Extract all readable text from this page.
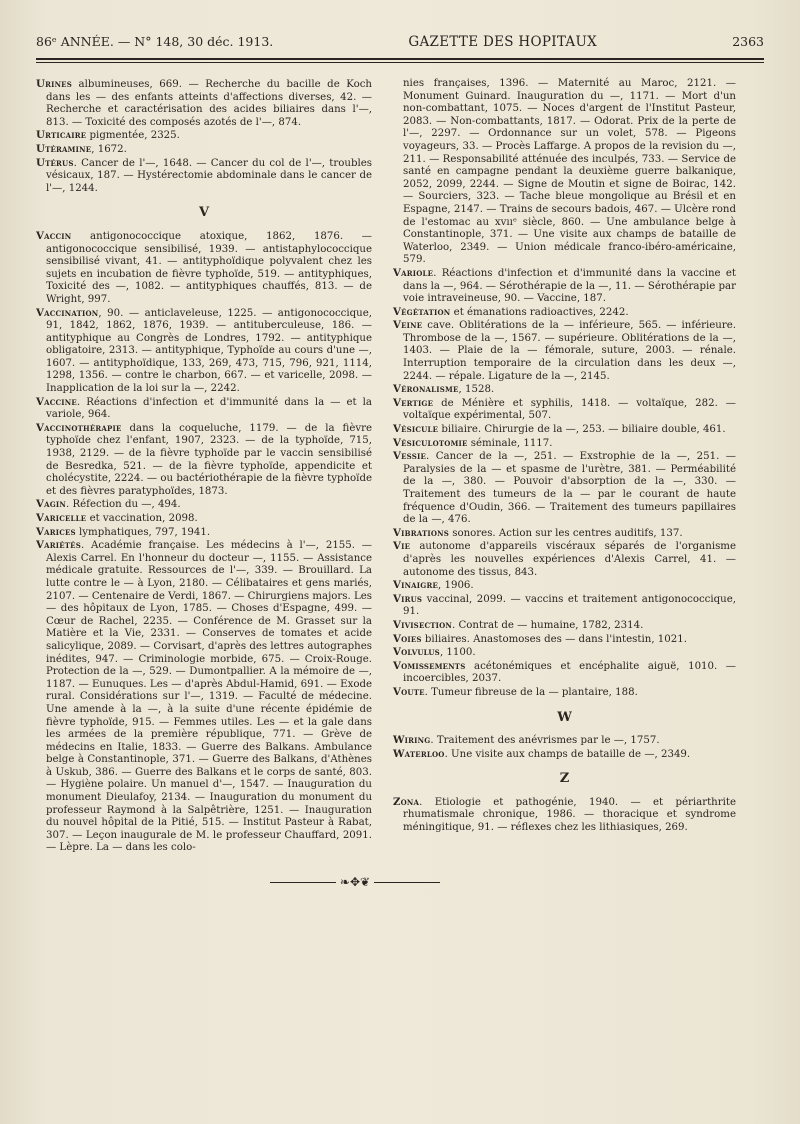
86ᵉ ANNÉE. — N° 148, 30 déc. 1913.	GAZETTE DES HOPITAUX	2363

Urines albumineuses, 669. — Recherche du bacille de Koch dans les — des enfants atteints d'affections diverses, 42. — Recherche et caractérisation des acides biliaires dans l'—, 813. — Toxicité des composés azotés de l'—, 874.

Urticaire pigmentée, 2325.

Utéramine, 1672.

Utérus. Cancer de l'—, 1648. — Cancer du col de l'—, troubles vésicaux, 187. — Hystérectomie abdominale dans le cancer de l'—, 1244.

V

Vaccin antigonococcique atoxique, 1862, 1876. — antigonococcique sensibilisé, 1939. — antistaphylococcique sensibilisé vivant, 41. — antityphoïdique polyvalent chez les sujets en incubation de fièvre typhoïde, 519. — antityphiques, Toxicité des —, 1082. — antityphiques chauffés, 813. — de Wright, 997.

Vaccination, 90. — anticlaveleuse, 1225. — antigonococcique, 91, 1842, 1862, 1876, 1939. — antituberculeuse, 186. — antityphique au Congrès de Londres, 1792. — antityphique obligatoire, 2313. — antityphique, Typhoïde au cours d'une —, 1607. — antityphoïdique, 133, 269, 473, 715, 796, 921, 1114, 1298, 1356. — contre le charbon, 667. — et varicelle, 2098. — Inapplication de la loi sur la —, 2242.

Vaccine. Réactions d'infection et d'immunité dans la — et la variole, 964.

Vaccinothérapie dans la coqueluche, 1179. — de la fièvre typhoïde chez l'enfant, 1907, 2323. — de la typhoïde, 715, 1938, 2129. — de la fièvre typhoïde par le vaccin sensibilisé de Besredka, 521. — de la fièvre typhoïde, appendicite et cholécystite, 2224. — ou bactériothérapie de la fièvre typhoïde et des fièvres paratyphoïdes, 1873.

Vagin. Réfection du —, 494.

Varicelle et vaccination, 2098.

Varices lymphatiques, 797, 1941.

Variétés. Académie française. Les médecins à l'—, 2155. — Alexis Carrel. En l'honneur du docteur —, 1155. — Assistance médicale gratuite. Ressources de l'—, 339. — Brouillard. La lutte contre le — à Lyon, 2180. — Célibataires et gens mariés, 2107. — Centenaire de Verdi, 1867. — Chirurgiens majors. Les — des hôpitaux de Lyon, 1785. — Choses d'Espagne, 499. — Cœur de Rachel, 2235. — Conférence de M. Grasset sur la Matière et la Vie, 2331. — Conserves de tomates et acide salicylique, 2089. — Corvisart, d'après des lettres autographes inédites, 947. — Criminologie morbide, 675. — Croix-Rouge. Protection de la —, 529. — Dumontpallier. A la mémoire de —, 1187. — Eunuques. Les — d'après Abdul-Hamid, 691. — Exode rural. Considérations sur l'—, 1319. — Faculté de médecine. Une amende à la —, à la suite d'une récente épidémie de fièvre typhoïde, 915. — Femmes utiles. Les — et la gale dans les armées de la première république, 771. — Grève de médecins en Italie, 1833. — Guerre des Balkans. Ambulance belge à Constantinople, 371. — Guerre des Balkans, d'Athènes à Uskub, 386. — Guerre des Balkans et le corps de santé, 803. — Hygiène polaire. Un manuel d'—, 1547. — Inauguration du monument Dieulafoy, 2134. — Inauguration du monument du professeur Raymond à la Salpêtrière, 1251. — Inauguration du nouvel hôpital de la Pitié, 515. — Institut Pasteur à Rabat, 307. — Leçon inaugurale de M. le professeur Chauffard, 2091. — Lèpre. La — dans les colo-

nies françaises, 1396. — Maternité au Maroc, 2121. — Monument Guinard. Inauguration du —, 1171. — Mort d'un non-combattant, 1075. — Noces d'argent de l'Institut Pasteur, 2083. — Non-combattants, 1817. — Odorat. Prix de la perte de l'—, 2297. — Ordonnance sur un volet, 578. — Pigeons voyageurs, 33. — Procès Laffarge. A propos de la revision du —, 211. — Responsabilité atténuée des inculpés, 733. — Service de santé en campagne pendant la deuxième guerre balkanique, 2052, 2099, 2244. — Signe de Moutin et signe de Boirac, 142. — Sourciers, 323. — Tache bleue mongolique au Brésil et en Espagne, 2147. — Trains de secours badois, 467. — Ulcère rond de l'estomac au xvııᵉ siècle, 860. — Une ambulance belge à Constantinople, 371. — Une visite aux champs de bataille de Waterloo, 2349. — Union médicale franco-ibéro-américaine, 579.

Variole. Réactions d'infection et d'immunité dans la vaccine et dans la —, 964. — Sérothérapie de la —, 11. — Sérothérapie par voie intraveineuse, 90. — Vaccine, 187.

Végétation et émanations radioactives, 2242.

Veine cave. Oblitérations de la — inférieure, 565. — inférieure. Thrombose de la —, 1567. — supérieure. Oblitérations de la —, 1403. — Plaie de la — fémorale, suture, 2003. — rénale. Interruption temporaire de la circulation dans les deux —, 2244. — répale. Ligature de la —, 2145.

Véronalisme, 1528.

Vertige de Ménière et syphilis, 1418. — voltaïque, 282. — voltaïque expérimental, 507.

Vésicule biliaire. Chirurgie de la —, 253. — biliaire double, 461.

Vésiculotomie séminale, 1117.

Vessie. Cancer de la —, 251. — Exstrophie de la —, 251. — Paralysies de la — et spasme de l'urètre, 381. — Perméabilité de la —, 380. — Pouvoir d'absorption de la —, 330. — Traitement des tumeurs de la — par le courant de haute fréquence d'Oudin, 366. — Traitement des tumeurs papillaires de la —, 476.

Vibrations sonores. Action sur les centres auditifs, 137.

Vie autonome d'appareils viscéraux séparés de l'organisme d'après les nouvelles expériences d'Alexis Carrel, 41. — autonome des tissus, 843.

Vinaigre, 1906.

Virus vaccinal, 2099. — vaccins et traitement antigonococcique, 91.

Vivisection. Contrat de — humaine, 1782, 2314.

Voies biliaires. Anastomoses des — dans l'intestin, 1021.

Volvulus, 1100.

Vomissements acétonémiques et encéphalite aiguë, 1010. — incoercibles, 2037.

Voute. Tumeur fibreuse de la — plantaire, 188.

W

Wiring. Traitement des anévrismes par le —, 1757.

Waterloo. Une visite aux champs de bataille de —, 2349.

Z

Zona. Etiologie et pathogénie, 1940. — et périarthrite rhumatismale chronique, 1986. — thoracique et syndrome méningitique, 91. — réflexes chez les lithiasiques, 269.

❧✥❦
